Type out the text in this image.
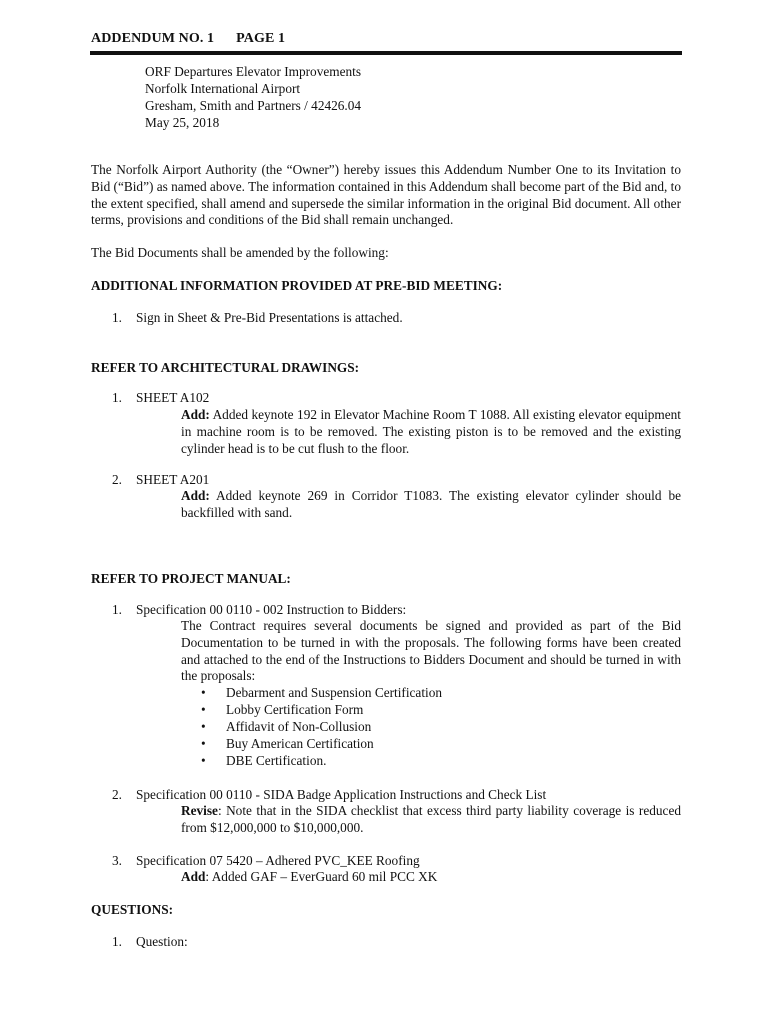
ADDENDUM NO. 1 PAGE 1
ORF Departures Elevator Improvements
Norfolk International Airport
Gresham, Smith and Partners / 42426.04
May 25, 2018
The Norfolk Airport Authority (the “Owner”) hereby issues this Addendum Number One to its Invitation to Bid (“Bid”) as named above. The information contained in this Addendum shall become part of the Bid and, to the extent specified, shall amend and supersede the similar information in the original Bid document. All other terms, provisions and conditions of the Bid shall remain unchanged.
The Bid Documents shall be amended by the following:
ADDITIONAL INFORMATION PROVIDED AT PRE-BID MEETING:
1. Sign in Sheet & Pre-Bid Presentations is attached.
REFER TO ARCHITECTURAL DRAWINGS:
1. SHEET A102
Add: Added keynote 192 in Elevator Machine Room T 1088. All existing elevator equipment in machine room is to be removed. The existing piston is to be removed and the existing cylinder head is to be cut flush to the floor.
2. SHEET A201
Add: Added keynote 269 in Corridor T1083. The existing elevator cylinder should be backfilled with sand.
REFER TO PROJECT MANUAL:
1. Specification 00 0110 - 002 Instruction to Bidders:
The Contract requires several documents be signed and provided as part of the Bid Documentation to be turned in with the proposals. The following forms have been created and attached to the end of the Instructions to Bidders Document and should be turned in with the proposals:
• Debarment and Suspension Certification
• Lobby Certification Form
• Affidavit of Non-Collusion
• Buy American Certification
• DBE Certification.
2. Specification 00 0110 - SIDA Badge Application Instructions and Check List
Revise: Note that in the SIDA checklist that excess third party liability coverage is reduced from $12,000,000 to $10,000,000.
3. Specification 07 5420 – Adhered PVC_KEE Roofing
Add: Added GAF – EverGuard 60 mil PCC XK
QUESTIONS:
1. Question:
